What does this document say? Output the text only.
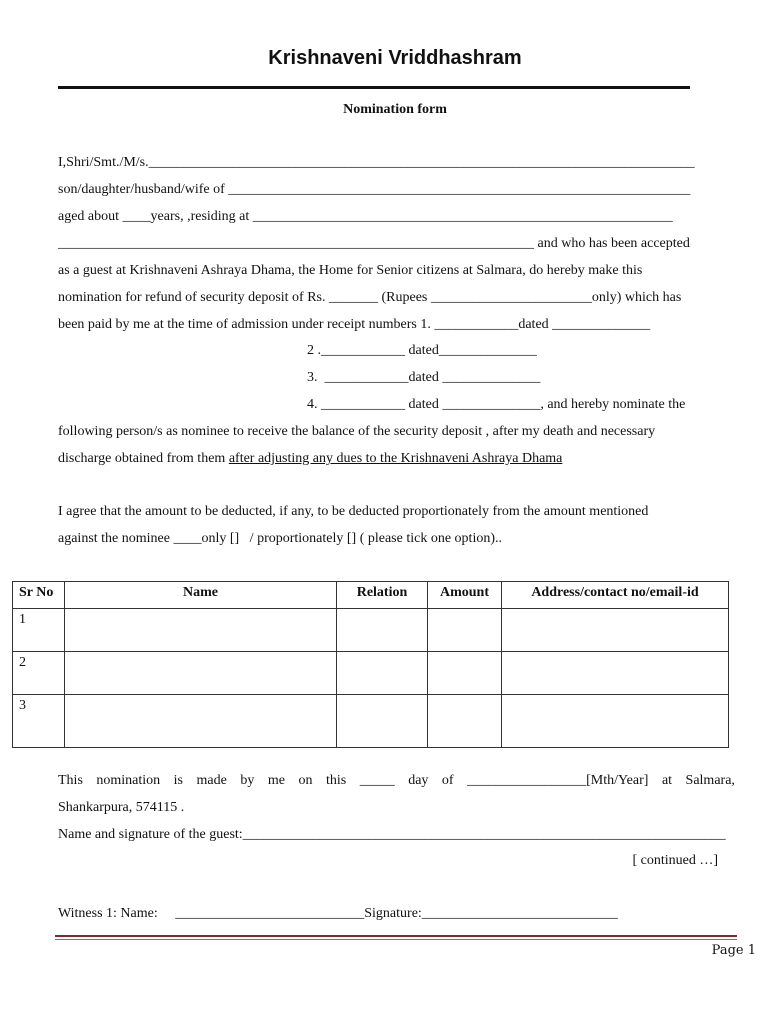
Krishnaveni Vriddhashram
Nomination form
I,Shri/Smt./M/s.______________________________________________________________________________
son/daughter/husband/wife of __________________________________________________________________
aged about ____years, ,residing at ____________________________________________________________
____________________________________________________________________ and who has been accepted
as a guest at Krishnaveni Ashraya Dhama, the Home for Senior citizens at Salmara, do hereby make this
nomination for refund of security deposit of Rs. _______ (Rupees _______________________only) which has
been paid by me at the time of admission under receipt numbers 1. ____________dated ______________
2 .____________ dated______________
3.  ____________dated ______________
4. ____________ dated ______________, and hereby nominate the
following person/s as nominee to receive the balance of the security deposit , after my death and necessary
discharge obtained from them after adjusting any dues to the Krishnaveni Ashraya Dhama
I agree that the amount to be deducted, if any, to be deducted proportionately from the amount mentioned
against the nominee ____only []   / proportionately [] ( please tick one option)..
Sr No	Name	Relation	Amount	Address/contact no/email-id
1				
2				
3				
This nomination is made by me on this _____ day of _________________[Mth/Year] at Salmara,
Shankarpura, 574115 .
Name and signature of the guest:_____________________________________________________________________
[ continued …]
Witness 1: Name:     ___________________________Signature:____________________________
Page 1
